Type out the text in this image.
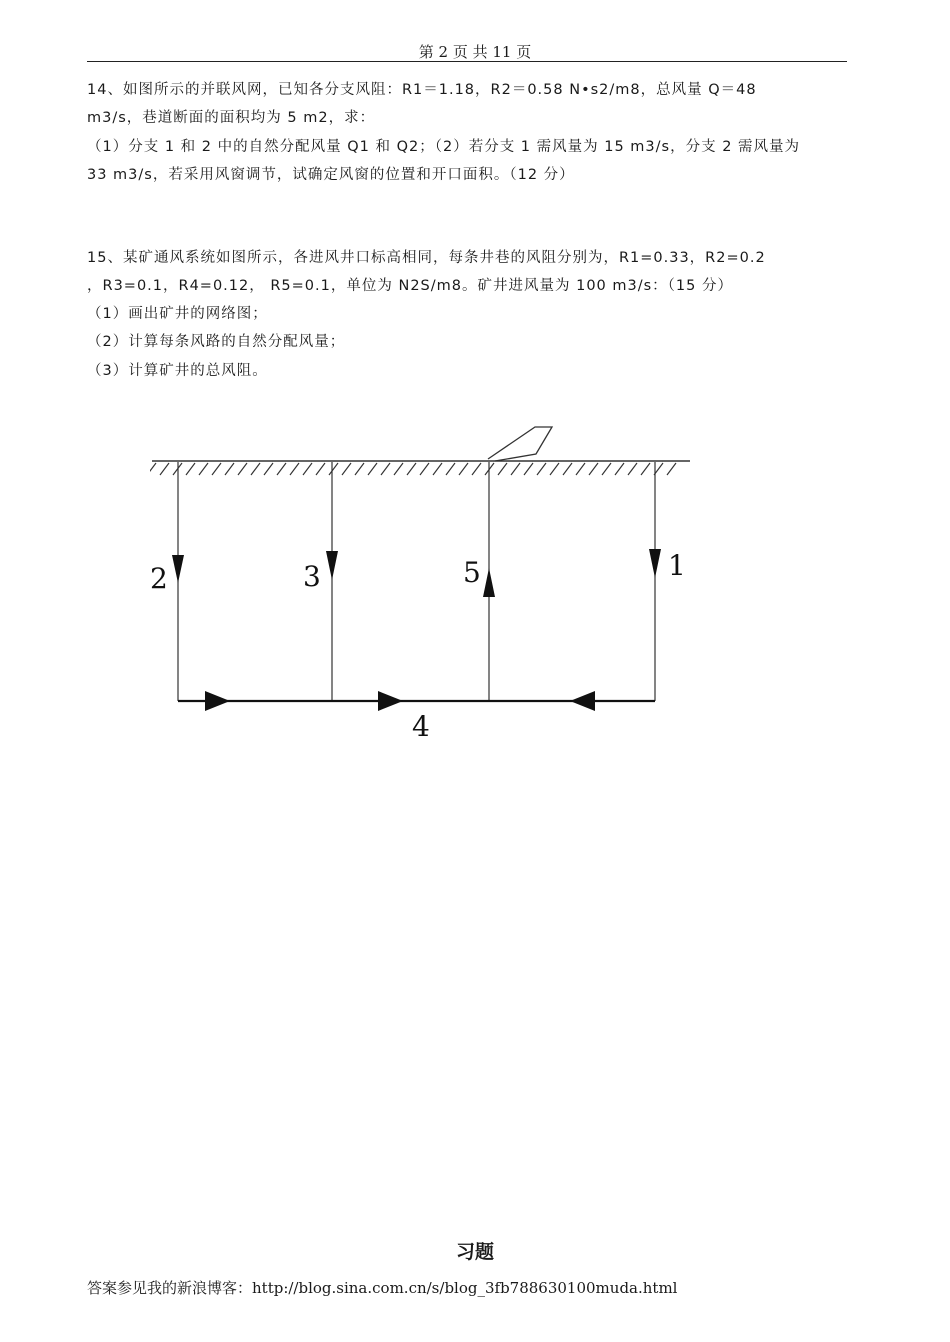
第 2 页 共 11 页
14、如图所示的并联风网，已知各分支风阻：R1＝1.18，R2＝0.58 N•s2/m8，总风量 Q＝48
m3/s，巷道断面的面积均为 5 m2，求：
（1）分支 1 和 2 中的自然分配风量 Q1 和 Q2；（2）若分支 1 需风量为 15 m3/s，分支 2 需风量为
33 m3/s，若采用风窗调节，试确定风窗的位置和开口面积。（12 分）
15、某矿通风系统如图所示，各进风井口标高相同，每条井巷的风阻分别为，R1=0.33，R2=0.2
，R3=0.1，R4=0.12， R5=0.1，单位为 N2S/m8。矿井进风量为 100 m3/s：（15 分）
（1）画出矿井的网络图；
（2）计算每条风路的自然分配风量；
（3）计算矿井的总风阻。
2	3	5	1
4
习题
答案参见我的新浪博客：http://blog.sina.com.cn/s/blog_3fb788630100muda.html
